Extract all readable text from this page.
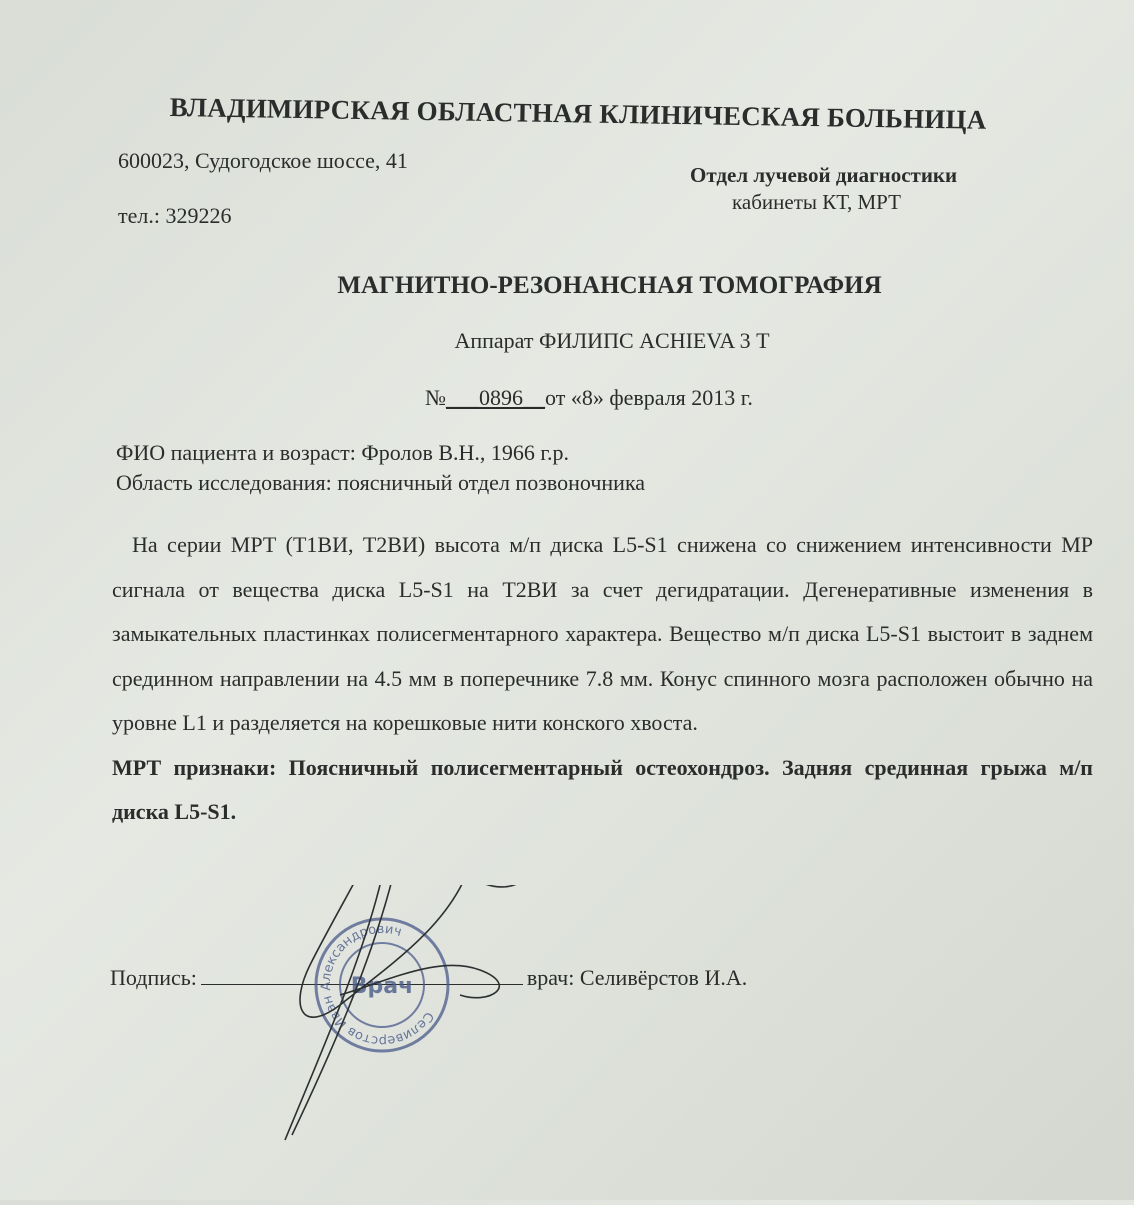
ВЛАДИМИРСКАЯ ОБЛАСТНАЯ КЛИНИЧЕСКАЯ БОЛЬНИЦА
600023, Судогодское шоссе, 41
тел.: 329226
Отдел лучевой диагностики
кабинеты КТ, МРТ
МАГНИТНО-РЕЗОНАНСНАЯ ТОМОГРАФИЯ
Аппарат ФИЛИПС ACHIEVA 3 Т
№___0896__от «8» февраля 2013 г.
ФИО пациента и возраст: Фролов В.Н., 1966 г.р.
Область исследования: поясничный отдел позвоночника

На серии МРТ (Т1ВИ, Т2ВИ) высота м/п диска L5-S1 снижена со снижением интенсивности МР сигнала от вещества диска L5-S1 на Т2ВИ за счет дегидратации. Дегенеративные изменения в замыкательных пластинках полисегментарного характера. Вещество м/п диска L5-S1 выстоит в заднем срединном направлении на 4.5 мм в поперечнике 7.8 мм. Конус спинного мозга расположен обычно на уровне L1 и разделяется на корешковые нити конского хвоста.

МРТ признаки: Поясничный полисегментарный остеохондроз. Задняя срединная грыжа м/п диска L5-S1.

Подпись:	врач: Селивёрстов И.А.
Селиверстов Иван Александрович
Врач
